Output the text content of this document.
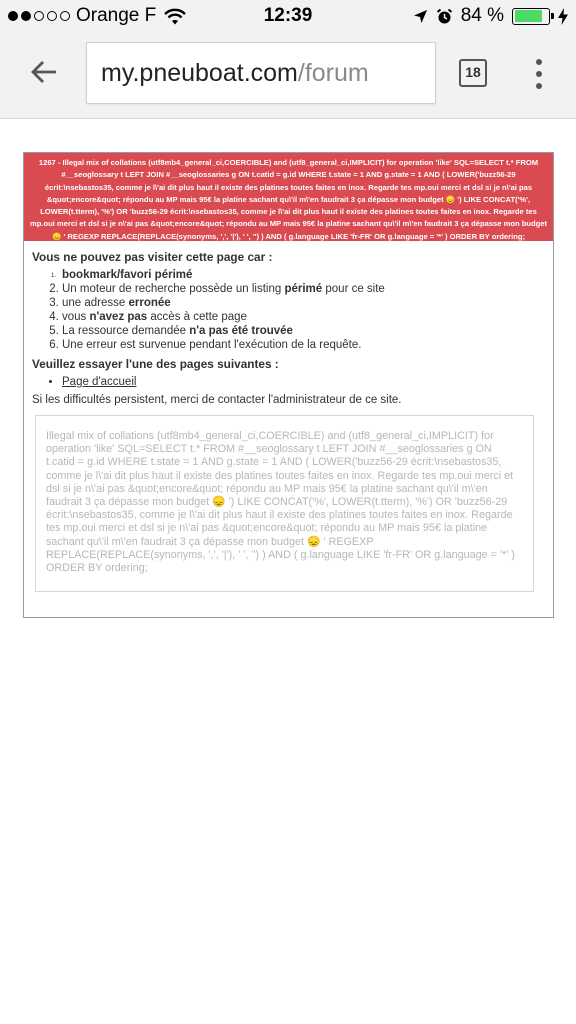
Orange F	12:39	84 %
my.pneuboat.com/forum	18
1267 - Illegal mix of collations (utf8mb4_general_ci,COERCIBLE) and (utf8_general_ci,IMPLICIT) for operation 'like' SQL=SELECT t.* FROM #__seoglossary t LEFT JOIN #__seoglossaries g ON t.catid = g.id WHERE t.state = 1 AND g.state = 1 AND ( LOWER('buzz56-29 écrit:\nsebastos35, comme je l\'ai dit plus haut il existe des platines toutes faites en inox. Regarde tes mp.oui merci et dsl si je n\'ai pas &quot;encore&quot; répondu au MP mais 95€ la platine sachant qu\'il m\'en faudrait 3 ça dépasse mon budget 😞 ') LIKE CONCAT('%', LOWER(t.tterm), '%') OR 'buzz56-29 écrit:\nsebastos35, comme je l\'ai dit plus haut il existe des platines toutes faites en inox. Regarde tes mp.oui merci et dsl si je n\'ai pas &quot;encore&quot; répondu au MP mais 95€ la platine sachant qu\'il m\'en faudrait 3 ça dépasse mon budget 😞 ' REGEXP REPLACE(REPLACE(synonyms, ',', '|'), ' ', '') ) AND ( g.language LIKE 'fr-FR' OR g.language = '*' ) ORDER BY ordering;
Vous ne pouvez pas visiter cette page car :
1. bookmark/favori périmé
2. Un moteur de recherche possède un listing périmé pour ce site
3. une adresse erronée
4. vous n'avez pas accès à cette page
5. La ressource demandée n'a pas été trouvée
6. Une erreur est survenue pendant l'exécution de la requête.
Veuillez essayer l'une des pages suivantes :
• Page d'accueil
Si les difficultés persistent, merci de contacter l'administrateur de ce site.
Illegal mix of collations (utf8mb4_general_ci,COERCIBLE) and (utf8_general_ci,IMPLICIT) for operation 'like' SQL=SELECT t.* FROM #__seoglossary t LEFT JOIN #__seoglossaries g ON t.catid = g.id WHERE t.state = 1 AND g.state = 1 AND ( LOWER('buzz56-29 écrit:\nsebastos35, comme je l\'ai dit plus haut il existe des platines toutes faites en inox. Regarde tes mp.oui merci et dsl si je n\'ai pas &quot;encore&quot; répondu au MP mais 95€ la platine sachant qu\'il m\'en faudrait 3 ça dépasse mon budget 😞 ') LIKE CONCAT('%', LOWER(t.tterm), '%') OR 'buzz56-29 écrit:\nsebastos35, comme je l\'ai dit plus haut il existe des platines toutes faites en inox. Regarde tes mp.oui merci et dsl si je n\'ai pas &quot;encore&quot; répondu au MP mais 95€ la platine sachant qu\'il m\'en faudrait 3 ça dépasse mon budget 😞 ' REGEXP REPLACE(REPLACE(synonyms, ',', '|'), ' ', '') ) AND ( g.language LIKE 'fr-FR' OR g.language = '*' ) ORDER BY ordering;
